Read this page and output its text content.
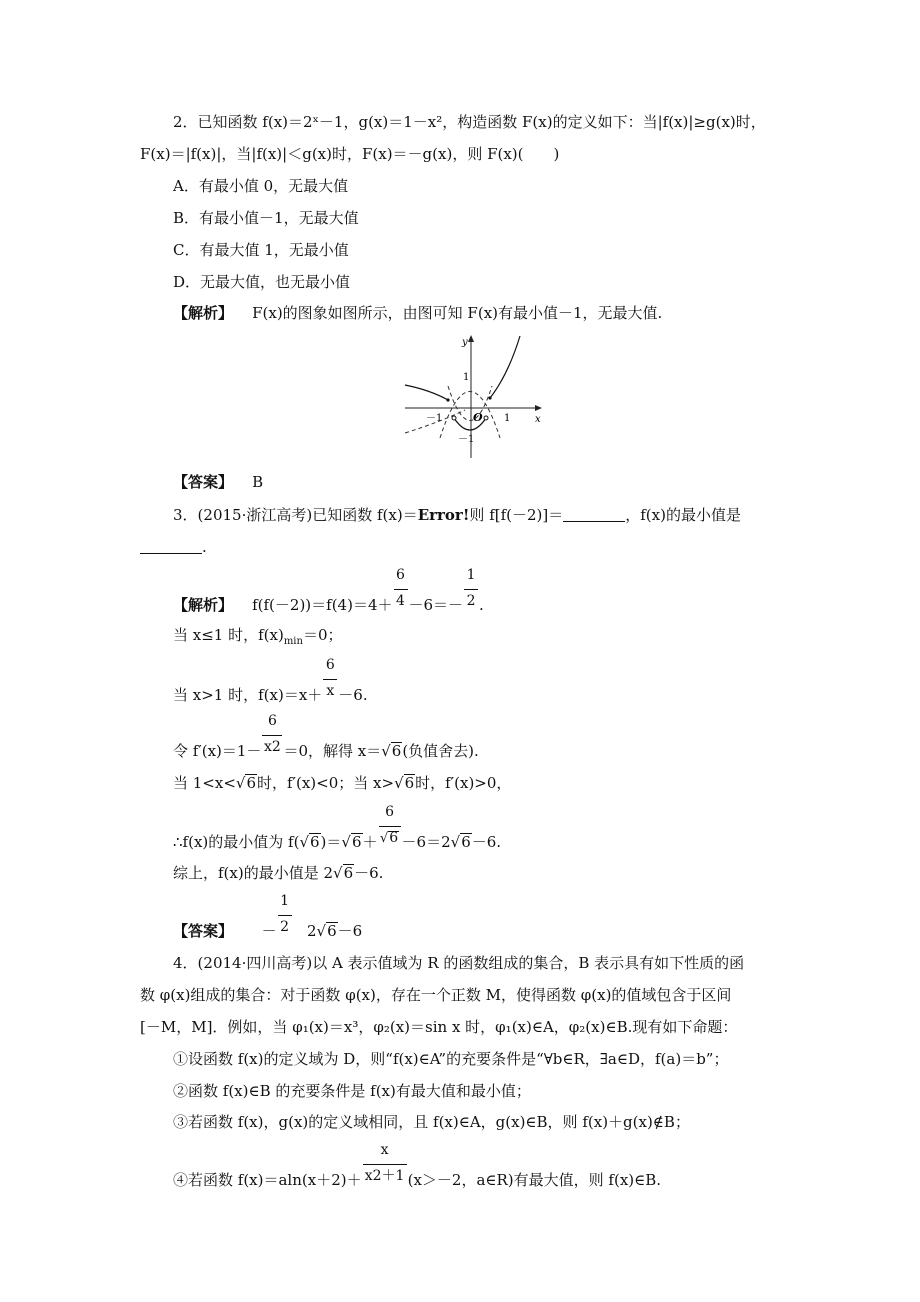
2．已知函数 f(x)＝2ˣ－1，g(x)＝1－x²，构造函数 F(x)的定义如下：当|f(x)|≥g(x)时，
F(x)＝|f(x)|，当|f(x)|＜g(x)时，F(x)＝－g(x)，则 F(x)(　　)
A．有最小值 0，无最大值
B．有最小值－1，无最大值
C．有最大值 1，无最小值
D．无最大值，也无最小值
【解析】 F(x)的图象如图所示，由图可知 F(x)有最小值－1，无最大值.
y
x
O 1
－1
1
－1
【答案】 B
3．(2015·浙江高考)已知函数 f(x)＝Error!则 f[f(－2)]＝	，f(x)的最小值是
.
【解析】 $f(f(-2))=f(4)=4+ \frac{6}{4} -6=- \frac{1}{2}$ .
当 x≤1 时，$f(x)_{min}=0$；
当 x>1 时，$f(x)=x+ \frac{6}{x} -6$.
令 $f'(x)=1- \frac{6}{x2} =0$，解得 x＝√6(负值舍去).
当 1<x<√6时，f′(x)<0；当 x>√6时，f′(x)>0，
∴f(x)的最小值为 $f(√6)=√6+ \frac{6}{√6} -6=2√6-6$.
综上，f(x)的最小值是 2√6－6.
【答案】 － $\frac{1}{2} 2√6-6$
4．(2014·四川高考)以 A 表示值域为 R 的函数组成的集合，B 表示具有如下性质的函
数 φ(x)组成的集合：对于函数 φ(x)，存在一个正数 M，使得函数 φ(x)的值域包含于区间
[－M，M]．例如，当 φ₁(x)＝x³，φ₂(x)＝sin x 时，φ₁(x)∈A，φ₂(x)∈B.现有如下命题：
①设函数 f(x)的定义域为 D，则“f(x)∈A”的充要条件是“∀b∈R，∃a∈D，f(a)＝b”；
②函数 f(x)∈B 的充要条件是 f(x)有最大值和最小值；
③若函数 f(x)，g(x)的定义域相同，且 f(x)∈A，g(x)∈B，则 f(x)＋g(x)∉B；
④若函数 $f(x)=aln(x+2)+ \frac{x}{x2+1} (x>-2$，a∈R)有最大值，则 f(x)∈B.
